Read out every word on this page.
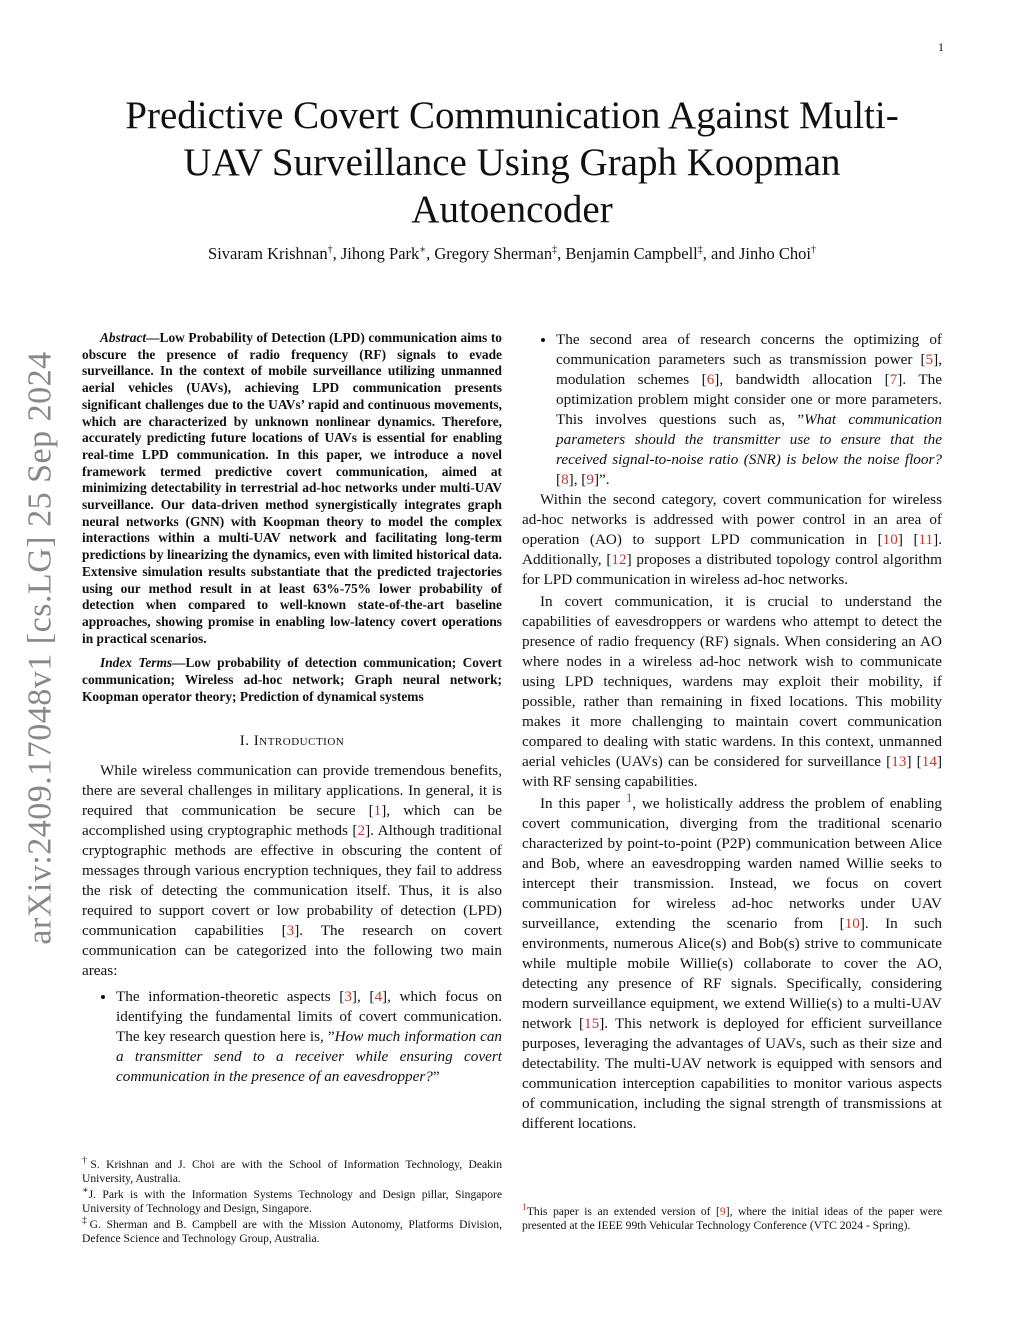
1
arXiv:2409.17048v1 [cs.LG] 25 Sep 2024
Predictive Covert Communication Against Multi-UAV Surveillance Using Graph Koopman Autoencoder
Sivaram Krishnan†, Jihong Park∗, Gregory Sherman‡, Benjamin Campbell‡, and Jinho Choi†

Abstract—Low Probability of Detection (LPD) communication aims to obscure the presence of radio frequency (RF) signals to evade surveillance. In the context of mobile surveillance utilizing unmanned aerial vehicles (UAVs), achieving LPD communication presents significant challenges due to the UAVs’ rapid and continuous movements, which are characterized by unknown nonlinear dynamics. Therefore, accurately predicting future locations of UAVs is essential for enabling real-time LPD communication. In this paper, we introduce a novel framework termed predictive covert communication, aimed at minimizing detectability in terrestrial ad-hoc networks under multi-UAV surveillance. Our data-driven method synergistically integrates graph neural networks (GNN) with Koopman theory to model the complex interactions within a multi-UAV network and facilitating long-term predictions by linearizing the dynamics, even with limited historical data. Extensive simulation results substantiate that the predicted trajectories using our method result in at least 63%-75% lower probability of detection when compared to well-known state-of-the-art baseline approaches, showing promise in enabling low-latency covert operations in practical scenarios.

Index Terms—Low probability of detection communication; Covert communication; Wireless ad-hoc network; Graph neural network; Koopman operator theory; Prediction of dynamical systems

I. Introduction

While wireless communication can provide tremendous benefits, there are several challenges in military applications. In general, it is required that communication be secure [1], which can be accomplished using cryptographic methods [2]. Although traditional cryptographic methods are effective in obscuring the content of messages through various encryption techniques, they fail to address the risk of detecting the communication itself. Thus, it is also required to support covert or low probability of detection (LPD) communication capabilities [3]. The research on covert communication can be categorized into the following two main areas:

• The information-theoretic aspects [3], [4], which focus on identifying the fundamental limits of covert communication. The key research question here is, ”How much information can a transmitter send to a receiver while ensuring covert communication in the presence of an eavesdropper?”
• The second area of research concerns the optimizing of communication parameters such as transmission power [5], modulation schemes [6], bandwidth allocation [7]. The optimization problem might consider one or more parameters. This involves questions such as, ”What communication parameters should the transmitter use to ensure that the received signal-to-noise ratio (SNR) is below the noise floor? [8], [9]”.

Within the second category, covert communication for wireless ad-hoc networks is addressed with power control in an area of operation (AO) to support LPD communication in [10] [11]. Additionally, [12] proposes a distributed topology control algorithm for LPD communication in wireless ad-hoc networks.

In covert communication, it is crucial to understand the capabilities of eavesdroppers or wardens who attempt to detect the presence of radio frequency (RF) signals. When considering an AO where nodes in a wireless ad-hoc network wish to communicate using LPD techniques, wardens may exploit their mobility, if possible, rather than remaining in fixed locations. This mobility makes it more challenging to maintain covert communication compared to dealing with static wardens. In this context, unmanned aerial vehicles (UAVs) can be considered for surveillance [13] [14] with RF sensing capabilities.

In this paper $^1$, we holistically address the problem of enabling covert communication, diverging from the traditional scenario characterized by point-to-point (P2P) communication between Alice and Bob, where an eavesdropping warden named Willie seeks to intercept their transmission. Instead, we focus on covert communication for wireless ad-hoc networks under UAV surveillance, extending the scenario from [10]. In such environments, numerous Alice(s) and Bob(s) strive to communicate while multiple mobile Willie(s) collaborate to cover the AO, detecting any presence of RF signals. Specifically, considering modern surveillance equipment, we extend Willie(s) to a multi-UAV network [15]. This network is deployed for efficient surveillance purposes, leveraging the advantages of UAVs, such as their size and detectability. The multi-UAV network is equipped with sensors and communication interception capabilities to monitor various aspects of communication, including the signal strength of transmissions at different locations.

†S. Krishnan and J. Choi are with the School of Information Technology, Deakin University, Australia.
∗J. Park is with the Information Systems Technology and Design pillar, Singapore University of Technology and Design, Singapore.
‡G. Sherman and B. Campbell are with the Mission Autonomy, Platforms Division, Defence Science and Technology Group, Australia.
$^1$This paper is an extended version of [9], where the initial ideas of the paper were presented at the IEEE 99th Vehicular Technology Conference (VTC 2024 - Spring).
